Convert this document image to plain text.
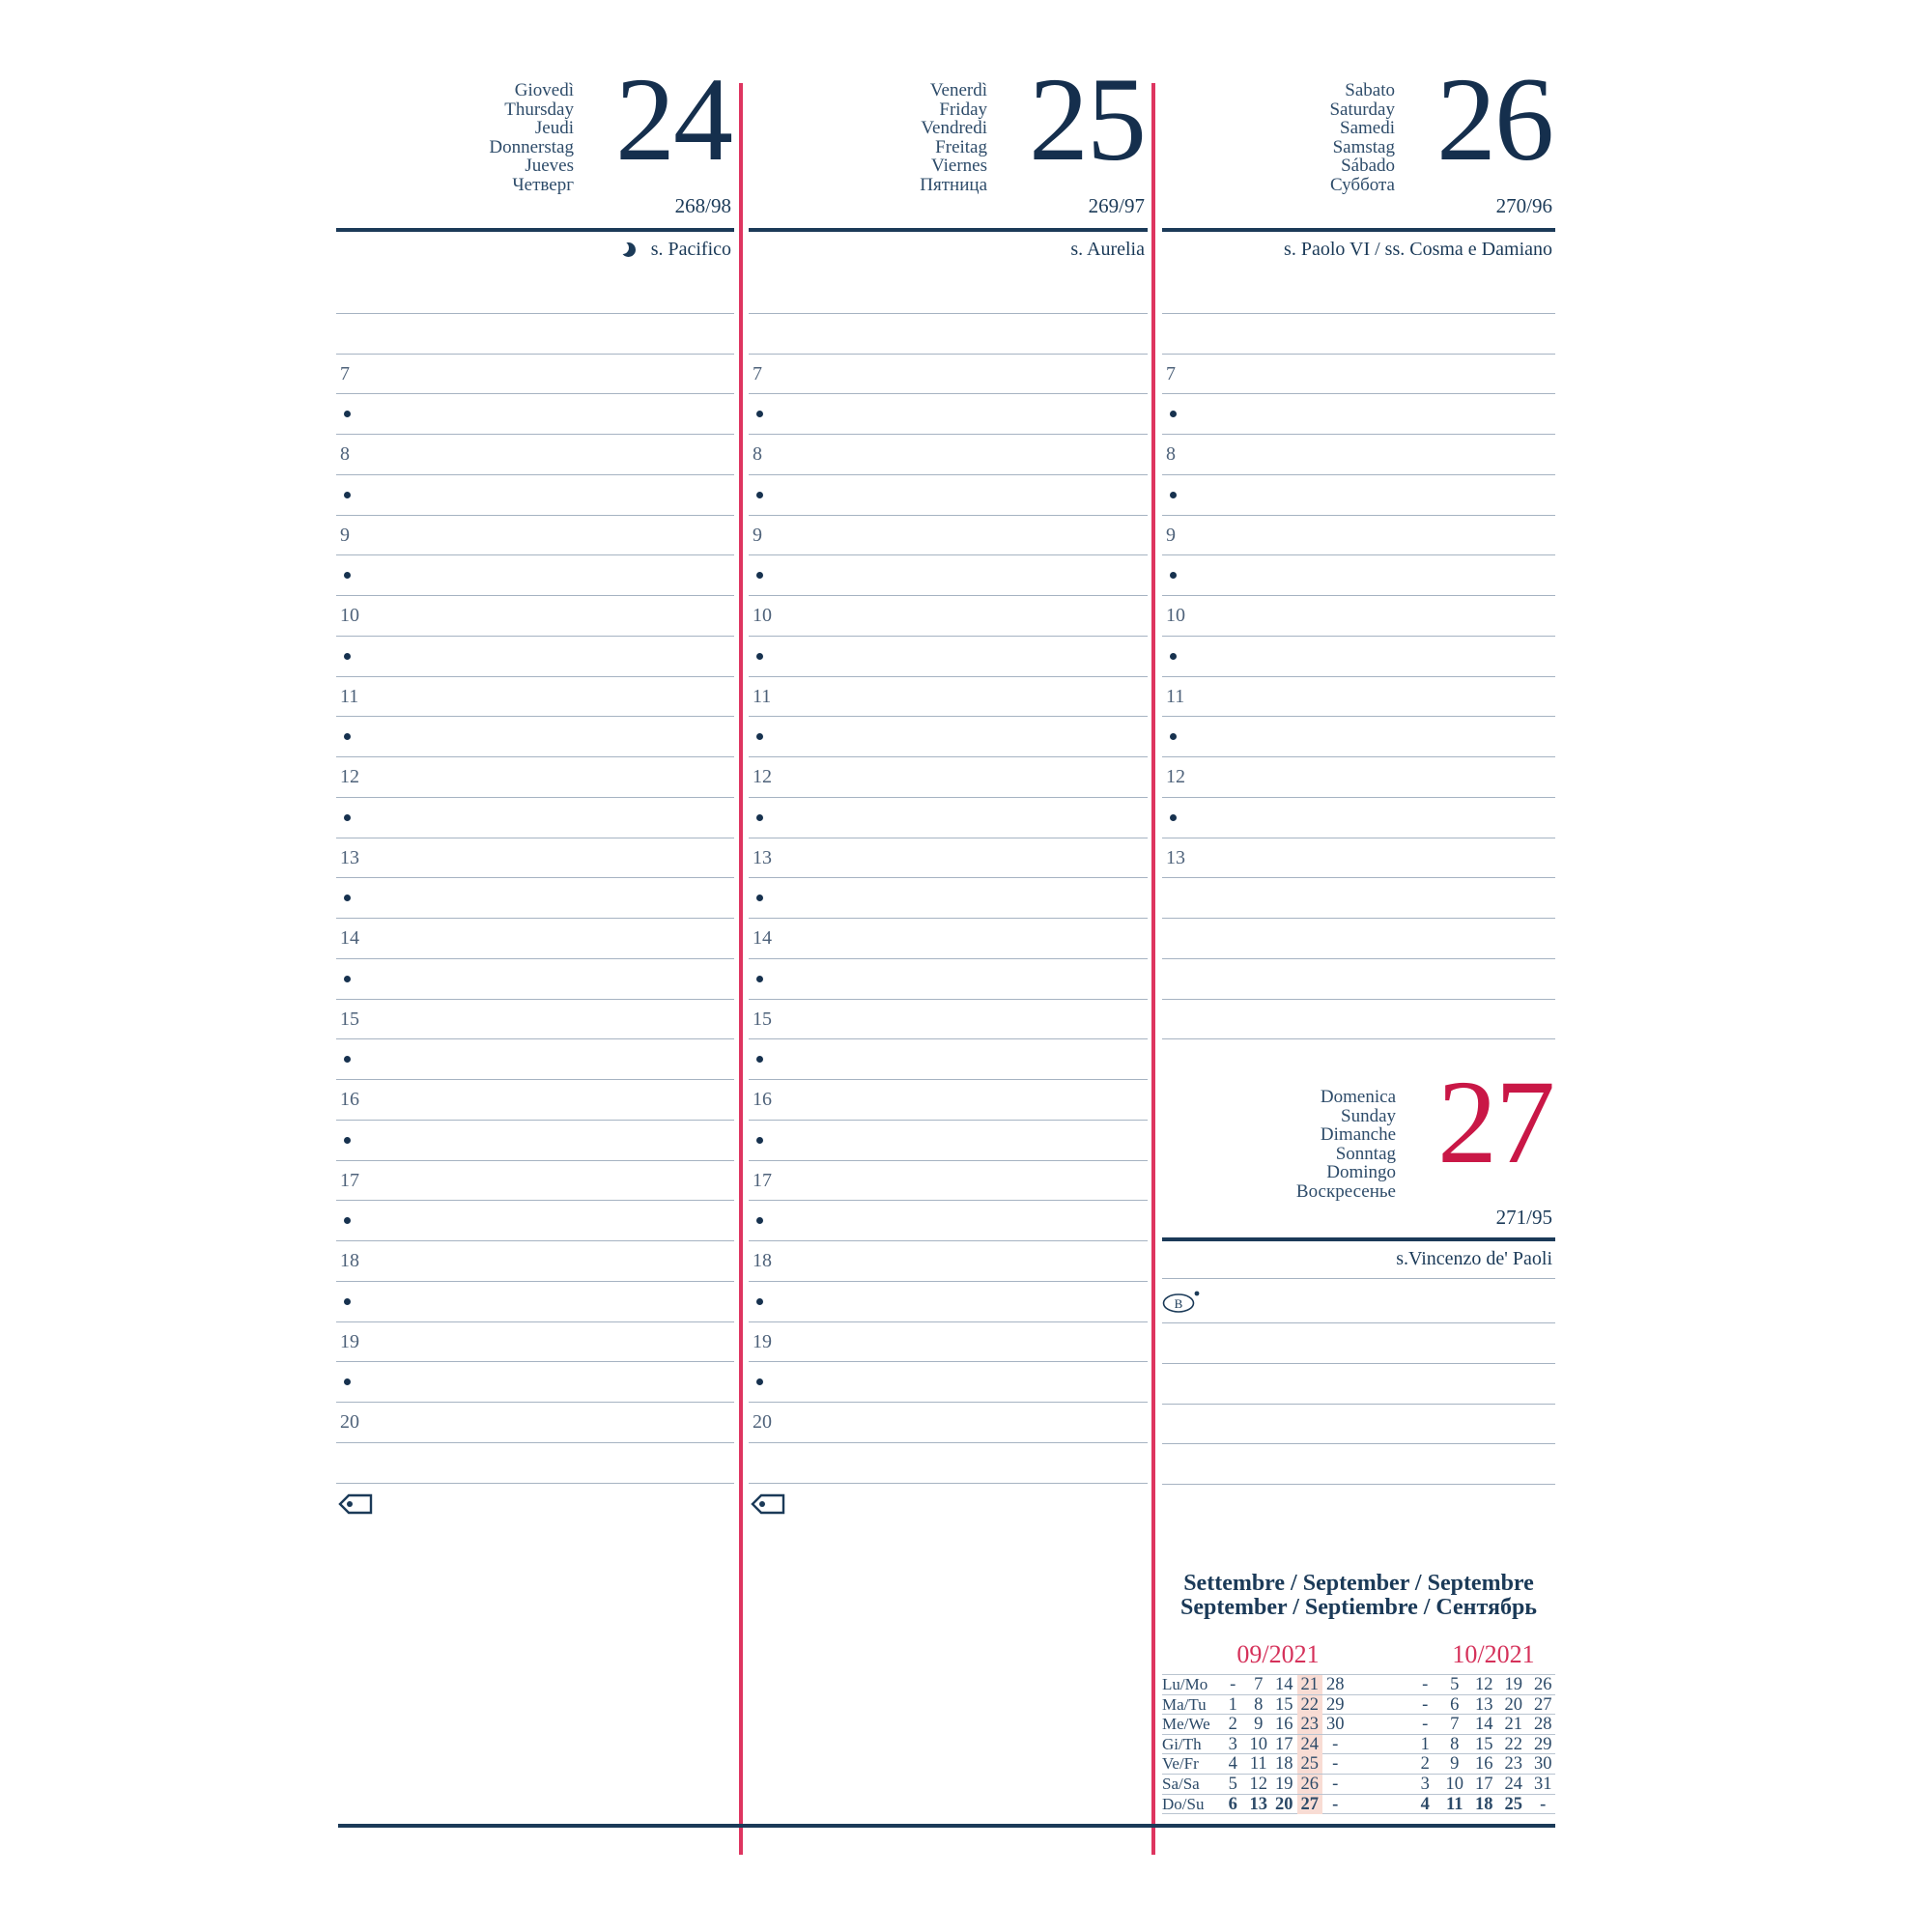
Giovedì
Thursday
Jeudi
Donnerstag
Jueves
Четверг 24
268/98
s. Pacifico
7
8
9
10
11
12
13
14
15
16
17
18
19
20
Venerdì
Friday
Vendredi
Freitag
Viernes
Пятница 25
269/97
s. Aurelia
7
8
9
10
11
12
13
14
15
16
17
18
19
20
Sabato
Saturday
Samedi
Samstag
Sábado
Суббота 26
270/96
s. Paolo VI / ss. Cosma e Damiano
7
8
9
10
11
12
13
Domenica
Sunday
Dimanche
Sonntag
Domingo
Воскресенье
27
271/95
s.Vincenzo de' Paoli
B
Settembre / September / Septembre
September / Septiembre / Сентябрь
09/2021	10/2021
Lu/Mo	-	7 14 21 28	-	5 12 19 26
Ma/Tu	1 8 15 22 29	-	6 13 20 27
Me/We	2 9 16 23 30	-	7 14 21 28
Gi/Th	3 10 17 24 -	1	8 15 22 29
Ve/Fr	4 11 18 25 -	2	9 16 23 30
Sa/Sa	5 12 19 26 -	3 10 17 24 31
Do/Su	6 13 20 27 -	4 11 18 25 -
